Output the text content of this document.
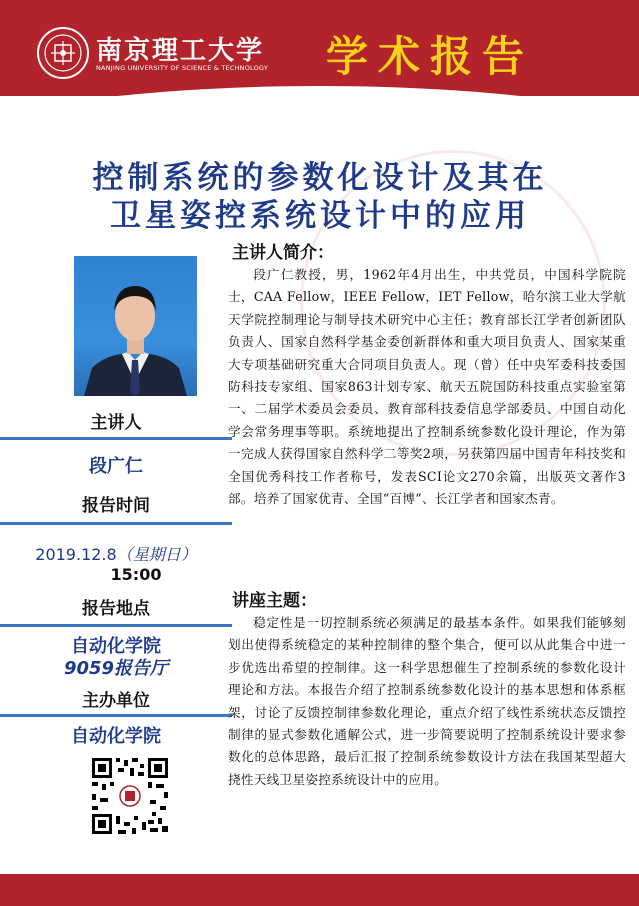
南京理工大学
NANJING UNIVERSITY OF SCIENCE & TECHNOLOGY	学术报告
控制系统的参数化设计及其在
卫星姿控系统设计中的应用
主讲人
段广仁
报告时间
2019.12.8（星期日）
15:00
报告地点
自动化学院
9059报告厅
主办单位
自动化学院
主讲人简介：
段广仁教授，男，1962年4月出生，中共党员，中国科学院院士，CAA Fellow，IEEE Fellow，IET Fellow，哈尔滨工业大学航天学院控制理论与制导技术研究中心主任；教育部长江学者创新团队负责人、国家自然科学基金委创新群体和重大项目负责人、国家某重大专项基础研究重大合同项目负责人。现（曾）任中央军委科技委国防科技专家组、国家863计划专家、航天五院国防科技重点实验室第一、二届学术委员会委员、教育部科技委信息学部委员、中国自动化学会常务理事等职。系统地提出了控制系统参数化设计理论，作为第一完成人获得国家自然科学二等奖2项，另获第四届中国青年科技奖和全国优秀科技工作者称号，发表SCI论文270余篇，出版英文著作3部。培养了国家优青、全国“百博”、长江学者和国家杰青。
讲座主题：
稳定性是一切控制系统必须满足的最基本条件。如果我们能够刻划出使得系统稳定的某种控制律的整个集合，便可以从此集合中进一步优选出希望的控制律。这一科学思想催生了控制系统的参数化设计理论和方法。本报告介绍了控制系统参数化设计的基本思想和体系框架，讨论了反馈控制律参数化理论，重点介绍了线性系统状态反馈控制律的显式参数化通解公式，进一步简要说明了控制系统设计要求参数化的总体思路，最后汇报了控制系统参数设计方法在我国某型超大挠性天线卫星姿控系统设计中的应用。
